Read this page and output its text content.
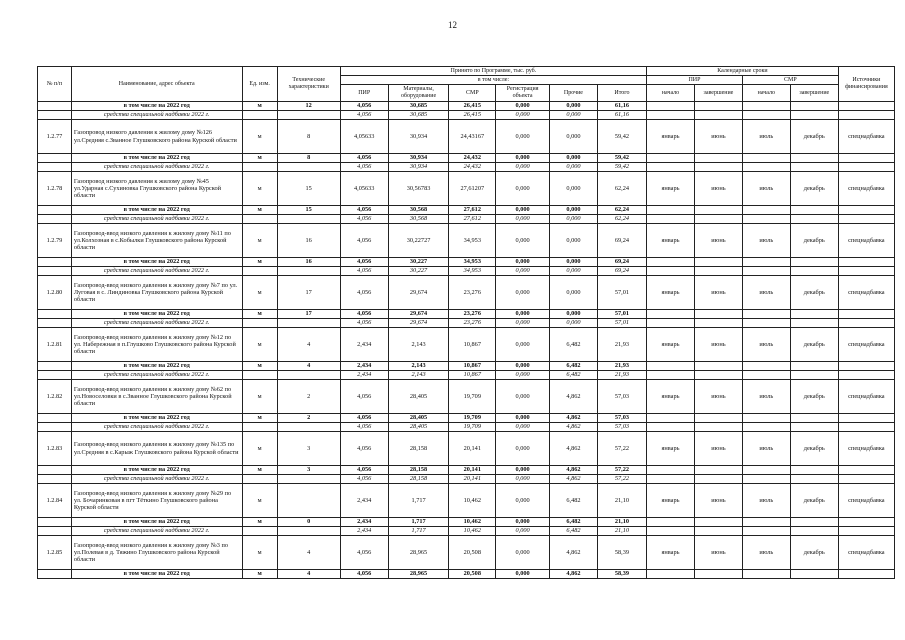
12
№ п/п	Наименование, адрес объекта	Ед. изм.	Технические характеристики	Принято по Программе, тыс. руб.						Календарные сроки				Источники финансирования
				в том числе:						ПИР		СМР		
				ПИР	Материалы, оборудование	СМР	Регистрация объекта	Прочие	Итого	начало	завершение	начало	завершение	
	в том числе на 2022 год	м	12	4,056	30,685	26,415	0,000	0,000	61,16					
	средства специальной надбавки 2022 г.			4,056	30,685	26,415	0,000	0,000	61,16					
1.2.77	Газопровод низкого давления к жилому дому №126 ул.Средняя с.Званное Глушковского района Курской области	м	8	4,05633	30,934	24,43167	0,000	0,000	59,42	январь	июнь	июль	декабрь	спецнадбавка
	в том числе на 2022 год	м	8	4,056	30,934	24,432	0,000	0,000	59,42					
	средства специальной надбавки 2022 г.			4,056	30,934	24,432	0,000	0,000	59,42					
1.2.78	Газопровод низкого давления к жилому дому №45 ул.Ударная с.Сухиновка Глушковского района Курской области	м	15	4,05633	30,56783	27,61207	0,000	0,000	62,24	январь	июнь	июль	декабрь	спецнадбавка
	в том числе на 2022 год	м	15	4,056	30,568	27,612	0,000	0,000	62,24					
	средства специальной надбавки 2022 г.			4,056	30,568	27,612	0,000	0,000	62,24					
1.2.79	Газопровод-ввод низкого давления к жилому дому №11 по ул.Колхозная в с.Кобылки Глушковского района Курской области	м	16	4,056	30,22727	34,953	0,000	0,000	69,24	январь	июнь	июль	декабрь	спецнадбавка
	в том числе на 2022 год	м	16	4,056	30,227	34,953	0,000	0,000	69,24					
	средства специальной надбавки 2022 г.			4,056	30,227	34,953	0,000	0,000	69,24					
1.2.80	Газопровод-ввод низкого давления к жилому дому №7 по ул. Луговая в с. Линдиновка Глушковского района Курской области	м	17	4,056	29,674	23,276	0,000	0,000	57,01	январь	июнь	июль	декабрь	спецнадбавка
	в том числе на 2022 год	м	17	4,056	29,674	23,276	0,000	0,000	57,01					
	средства специальной надбавки 2022 г.			4,056	29,674	23,276	0,000	0,000	57,01					
1.2.81	Газопровод-ввод низкого давления к жилому дому №12 по ул. Набережная в п.Глушково Глушковского района Курской области	м	4	2,434	2,143	10,867	0,000	6,482	21,93	январь	июнь	июль	декабрь	спецнадбавка
	в том числе на 2022 год	м	4	2,434	2,143	10,867	0,000	6,482	21,93					
	средства специальной надбавки 2022 г.			2,434	2,143	10,867	0,000	6,482	21,93					
1.2.82	Газопровод-ввод низкого давления к жилому дому №62 по ул.Новоселовки в с.Званное Глушковского района Курской области	м	2	4,056	28,405	19,709	0,000	4,862	57,03	январь	июнь	июль	декабрь	спецнадбавка
	в том числе на 2022 год	м	2	4,056	28,405	19,709	0,000	4,862	57,03					
	средства специальной надбавки 2022 г.			4,056	28,405	19,709	0,000	4,862	57,03					
1.2.83	Газопровод-ввод низкого давления к жилому дому №135 по ул.Средняя в с.Карыж Глушковского района Курской области	м	3	4,056	28,158	20,141	0,000	4,862	57,22	январь	июнь	июль	декабрь	спецнадбавка
	в том числе на 2022 год	м	3	4,056	28,158	20,141	0,000	4,862	57,22					
	средства специальной надбавки 2022 г.			4,056	28,158	20,141	0,000	4,862	57,22					
1.2.84	Газопровод-ввод низкого давления к жилому дому №29 по ул. Бочаринковая в пгт Тёткино Глушковского района Курской области	м		2,434	1,717	10,462	0,000	6,482	21,10	январь	июнь	июль	декабрь	спецнадбавка
	в том числе на 2022 год	м	0	2,434	1,717	10,462	0,000	6,482	21,10					
	средства специальной надбавки 2022 г.			2,434	1,717	10,462	0,000	6,482	21,10					
1.2.85	Газопровод-ввод низкого давления к жилому дому №3 по ул.Полевая в д. Тяжино Глушковского района Курской области	м	4	4,056	28,965	20,508	0,000	4,862	58,39	январь	июнь	июль	декабрь	спецнадбавка
	в том числе на 2022 год	м	4	4,056	28,965	20,508	0,000	4,862	58,39					
